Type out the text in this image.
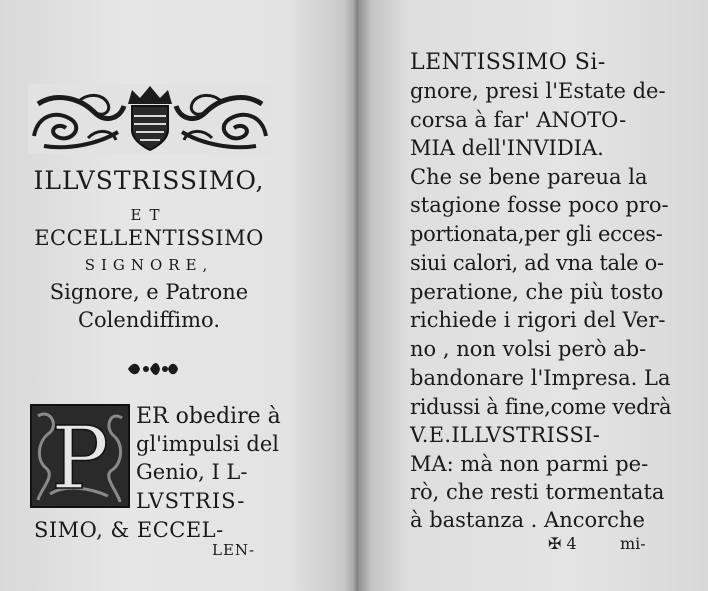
ILLVSTRISSIMO,
ET
ECCELLENTISSIMO
SIGNORE,
Signore, e Patrone
Colendiffimo.
P ER obedire à
gl'impulsi del
Genio, I L-
LVSTRIS-
SIMO, & ECCEL-
LEN-
LENTISSIMO Si-
gnore, presi l'Estate de-
corsa à far' ANOTO-
MIA dell'INVIDIA.
Che se bene pareua la
stagione fosse poco pro-
portionata,per gli ecces-
siui calori, ad vna tale o-
peratione, che più tosto
richiede i rigori del Ver-
no , non volsi però ab-
bandonare l'Impresa. La
ridussi à fine,come vedrà
V.E.ILLVSTRISSI-
MA: mà non parmi pe-
rò, che resti tormentata
à bastanza . Ancorche
✠ 4	mi-
